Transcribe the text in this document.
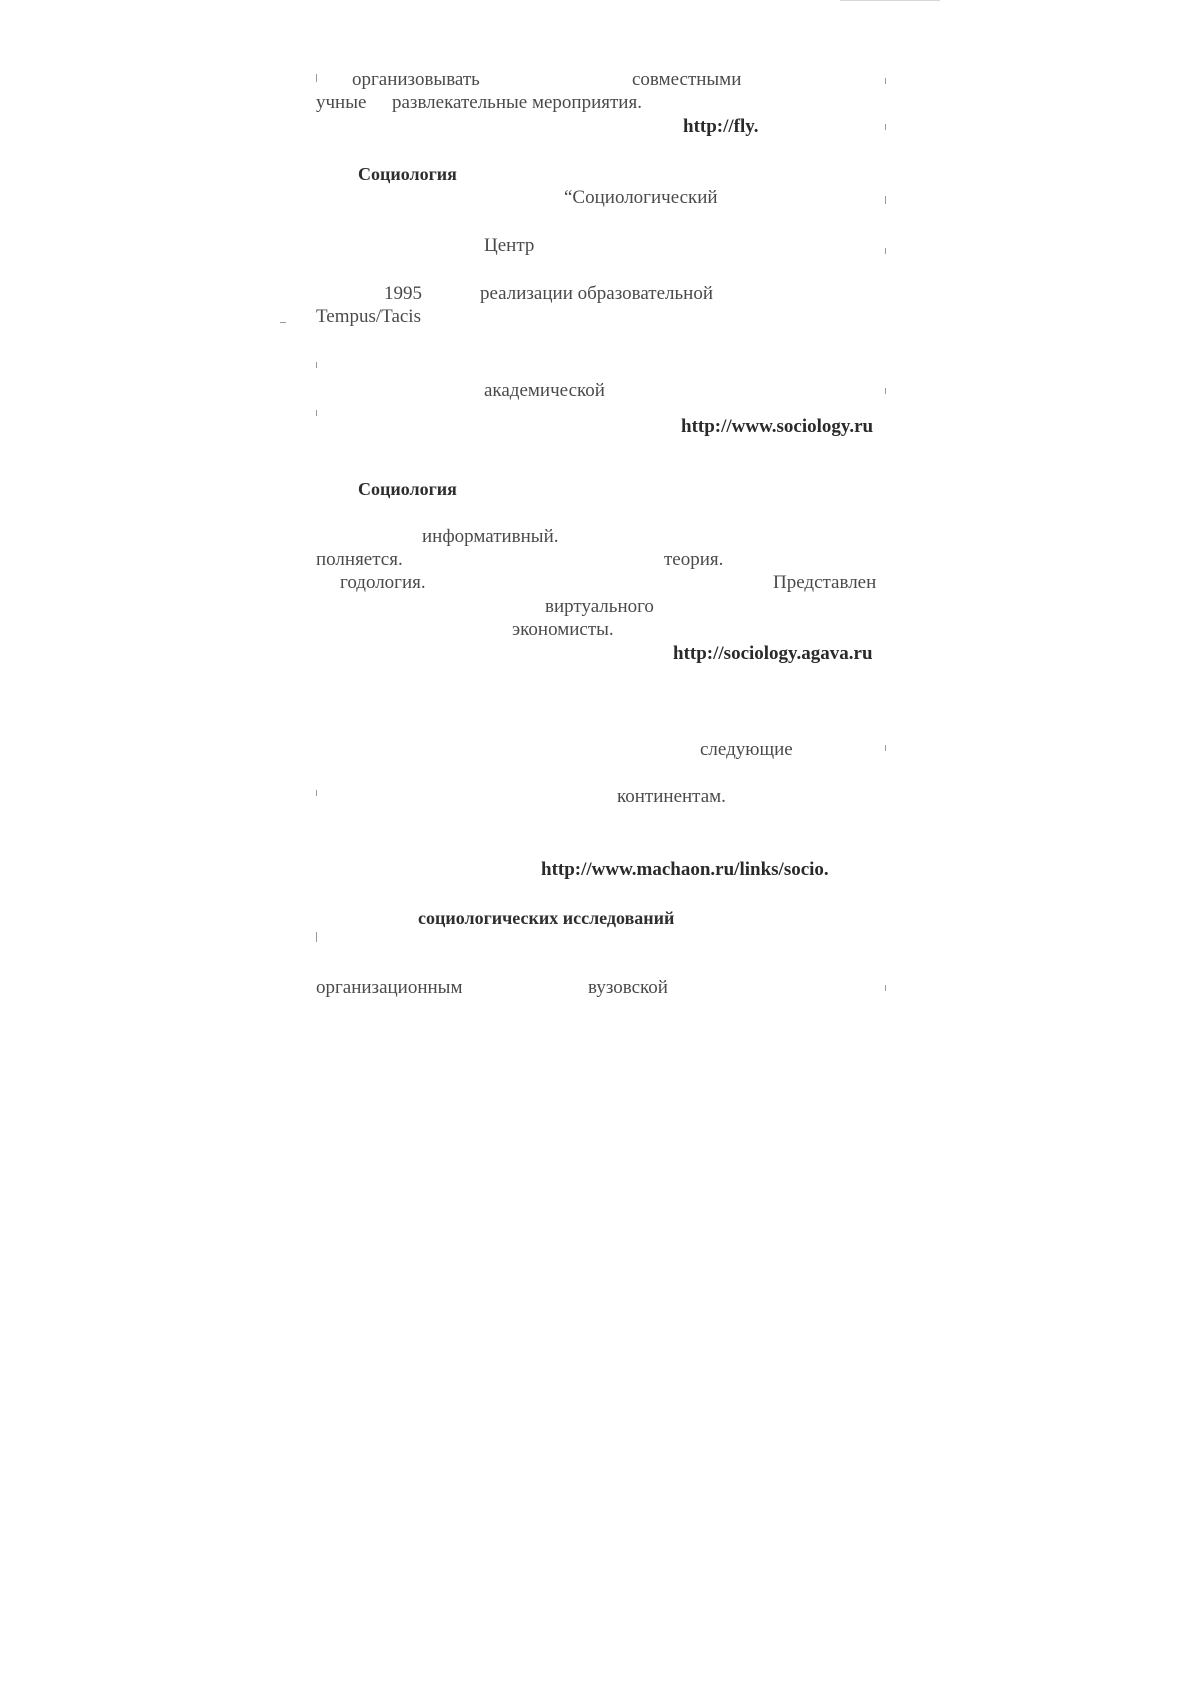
организовывать	совместными
учные развлекательные мероприятия.
http://fly.
Социология
“Социологический
Центр
1995	реализации образовательной
Tempus/Tacis
академической
http://www.sociology.ru
Социология
информативный.
полняется.	теория.
годология.	Представлен
виртуального
экономисты.
http://sociology.agava.ru
следующие
континентам.
http://www.machaon.ru/links/socio.
социологических исследований
организационным	вузовской
